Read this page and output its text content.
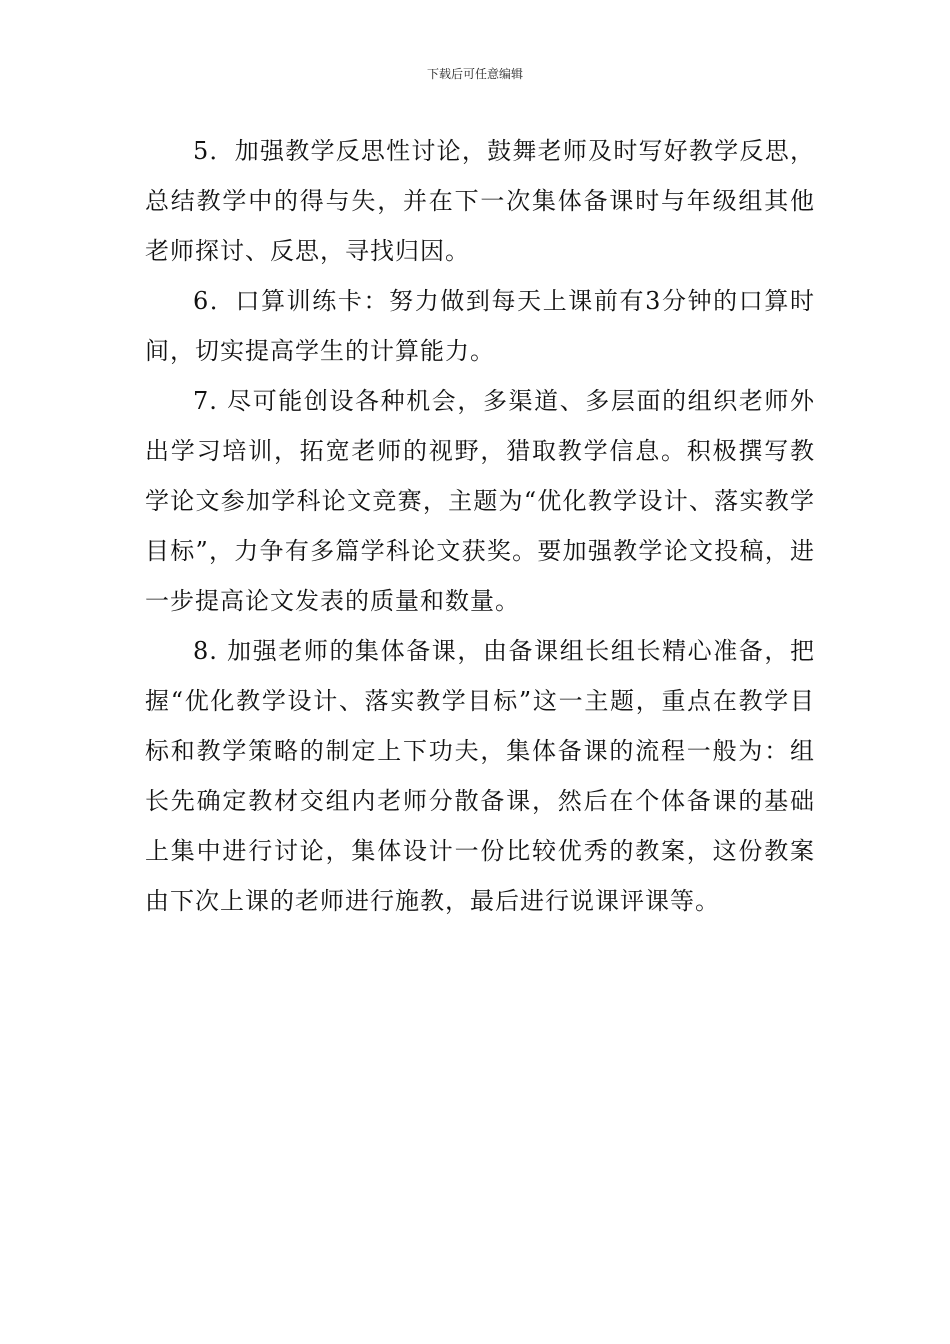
下载后可任意编辑

5．加强教学反思性讨论，鼓舞老师及时写好教学反思，总结教学中的得与失，并在下一次集体备课时与年级组其他老师探讨、反思，寻找归因。

6．口算训练卡：努力做到每天上课前有3分钟的口算时间，切实提高学生的计算能力。

7. 尽可能创设各种机会，多渠道、多层面的组织老师外出学习培训，拓宽老师的视野，猎取教学信息。积极撰写教学论文参加学科论文竞赛，主题为“优化教学设计、落实教学目标”，力争有多篇学科论文获奖。要加强教学论文投稿，进一步提高论文发表的质量和数量。

8. 加强老师的集体备课，由备课组长组长精心准备，把握“优化教学设计、落实教学目标”这一主题，重点在教学目标和教学策略的制定上下功夫，集体备课的流程一般为：组长先确定教材交组内老师分散备课，然后在个体备课的基础上集中进行讨论，集体设计一份比较优秀的教案，这份教案由下次上课的老师进行施教，最后进行说课评课等。
